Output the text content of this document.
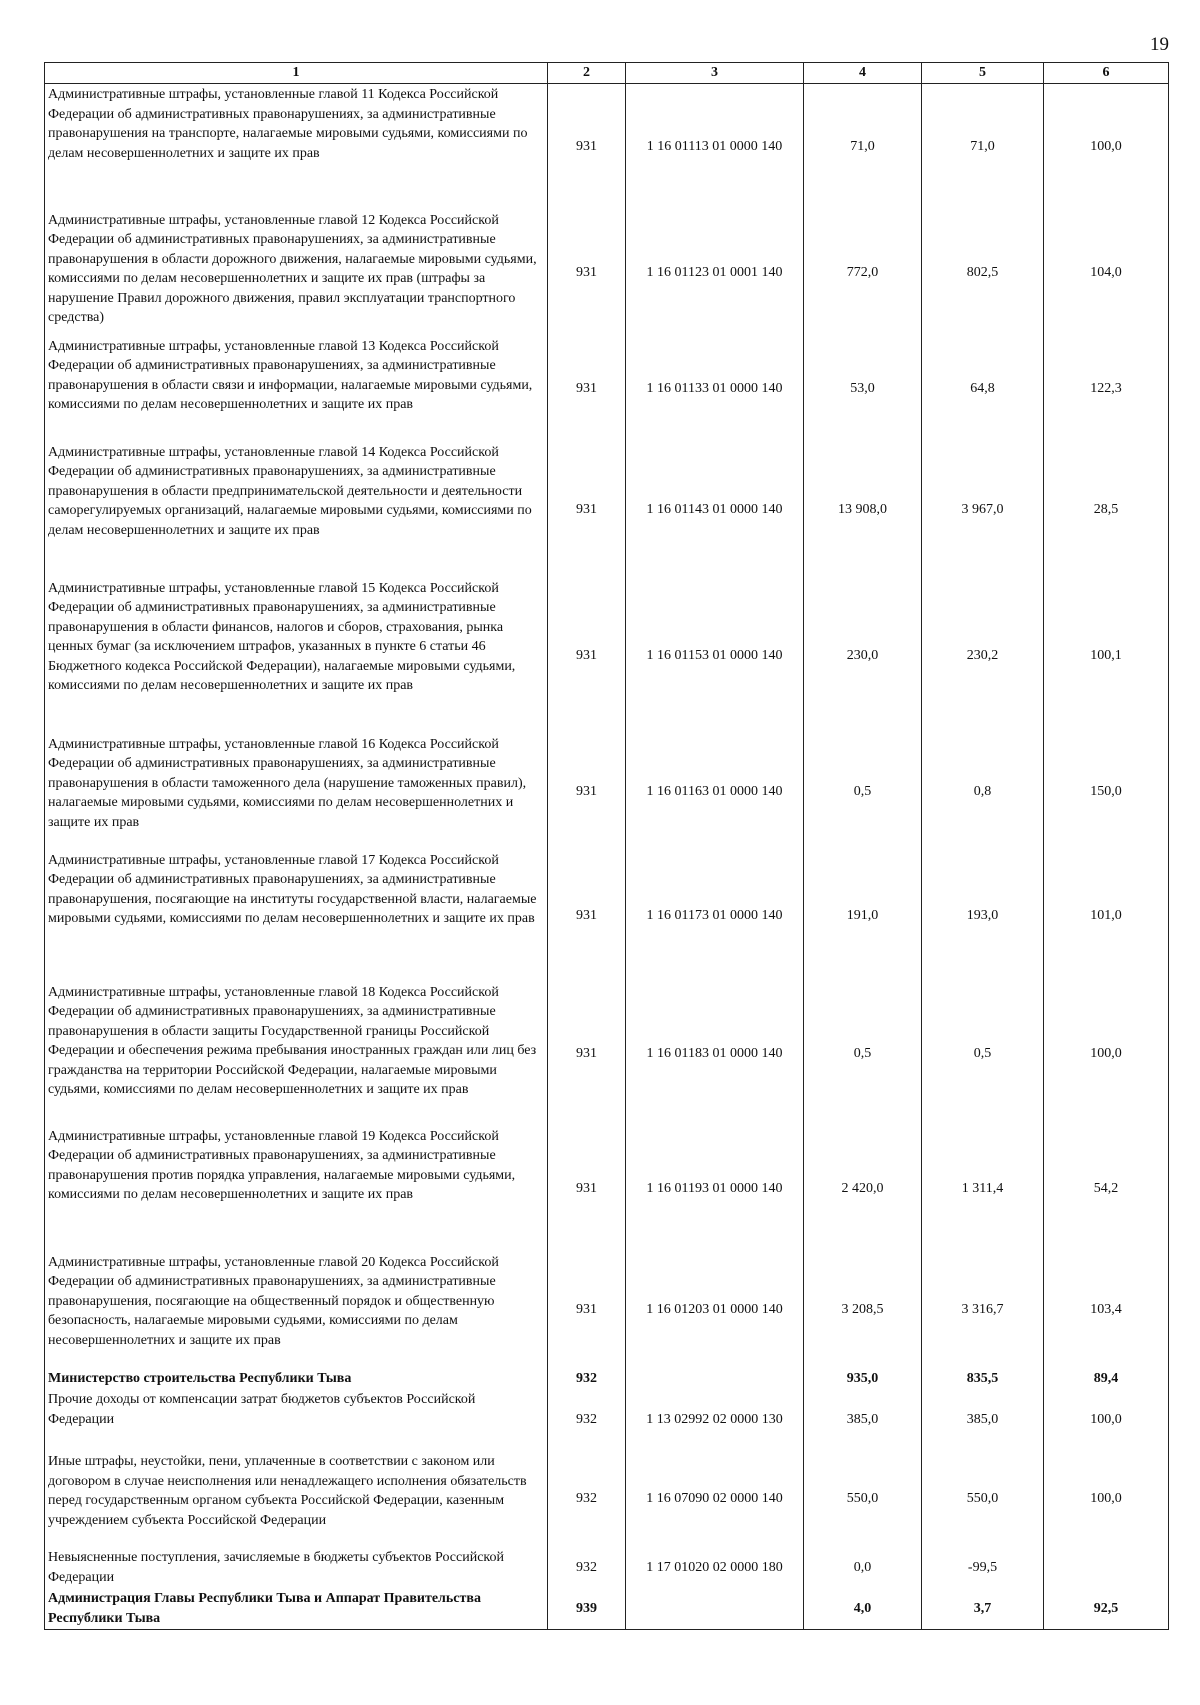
19
1	2	3	4	5	6
Административные штрафы, установленные главой 11 Кодекса Российской Федерации об административных правонарушениях, за административные правонарушения на транспорте, налагаемые мировыми судьями, комиссиями по делам несовершеннолетних и защите их прав	931	1 16 01113 01 0000 140	71,0	71,0	100,0
Административные штрафы, установленные главой 12 Кодекса Российской Федерации об административных правонарушениях, за административные правонарушения в области дорожного движения, налагаемые мировыми судьями, комиссиями по делам несовершеннолетних и защите их прав (штрафы за нарушение Правил дорожного движения, правил эксплуатации транспортного средства)	931	1 16 01123 01 0001 140	772,0	802,5	104,0
Административные штрафы, установленные главой 13 Кодекса Российской Федерации об административных правонарушениях, за административные правонарушения в области связи и информации, налагаемые мировыми судьями, комиссиями по делам несовершеннолетних и защите их прав	931	1 16 01133 01 0000 140	53,0	64,8	122,3
Административные штрафы, установленные главой 14 Кодекса Российской Федерации об административных правонарушениях, за административные правонарушения в области предпринимательской деятельности и деятельности саморегулируемых организаций, налагаемые мировыми судьями, комиссиями по делам несовершеннолетних и защите их прав	931	1 16 01143 01 0000 140	13 908,0	3 967,0	28,5
Административные штрафы, установленные главой 15 Кодекса Российской Федерации об административных правонарушениях, за административные правонарушения в области финансов, налогов и сборов, страхования, рынка ценных бумаг (за исключением штрафов, указанных в пункте 6 статьи 46 Бюджетного кодекса Российской Федерации), налагаемые мировыми судьями, комиссиями по делам несовершеннолетних и защите их прав	931	1 16 01153 01 0000 140	230,0	230,2	100,1
Административные штрафы, установленные главой 16 Кодекса Российской Федерации об административных правонарушениях, за административные правонарушения в области таможенного дела (нарушение таможенных правил), налагаемые мировыми судьями, комиссиями по делам несовершеннолетних и защите их прав	931	1 16 01163 01 0000 140	0,5	0,8	150,0
Административные штрафы, установленные главой 17 Кодекса Российской Федерации об административных правонарушениях, за административные правонарушения, посягающие на институты государственной власти, налагаемые мировыми судьями, комиссиями по делам несовершеннолетних и защите их прав	931	1 16 01173 01 0000 140	191,0	193,0	101,0
Административные штрафы, установленные главой 18 Кодекса Российской Федерации об административных правонарушениях, за административные правонарушения в области защиты Государственной границы Российской Федерации и обеспечения режима пребывания иностранных граждан или лиц без гражданства на территории Российской Федерации, налагаемые мировыми судьями, комиссиями по делам несовершеннолетних и защите их прав	931	1 16 01183 01 0000 140	0,5	0,5	100,0
Административные штрафы, установленные главой 19 Кодекса Российской Федерации об административных правонарушениях, за административные правонарушения против порядка управления, налагаемые мировыми судьями, комиссиями по делам несовершеннолетних и защите их прав	931	1 16 01193 01 0000 140	2 420,0	1 311,4	54,2
Административные штрафы, установленные главой 20 Кодекса Российской Федерации об административных правонарушениях, за административные правонарушения, посягающие на общественный порядок и общественную безопасность, налагаемые мировыми судьями, комиссиями по делам несовершеннолетних и защите их прав	931	1 16 01203 01 0000 140	3 208,5	3 316,7	103,4
Министерство строительства Республики Тыва	932		935,0	835,5	89,4
Прочие доходы от компенсации затрат бюджетов субъектов Российской Федерации	932	1 13 02992 02 0000 130	385,0	385,0	100,0
Иные штрафы, неустойки, пени, уплаченные в соответствии с законом или договором в случае неисполнения или ненадлежащего исполнения обязательств перед государственным органом субъекта Российской Федерации, казенным учреждением субъекта Российской Федерации	932	1 16 07090 02 0000 140	550,0	550,0	100,0
Невыясненные поступления, зачисляемые в бюджеты субъектов Российской Федерации	932	1 17 01020 02 0000 180	0,0	-99,5	
Администрация Главы Республики Тыва и Аппарат Правительства Республики Тыва	939		4,0	3,7	92,5
